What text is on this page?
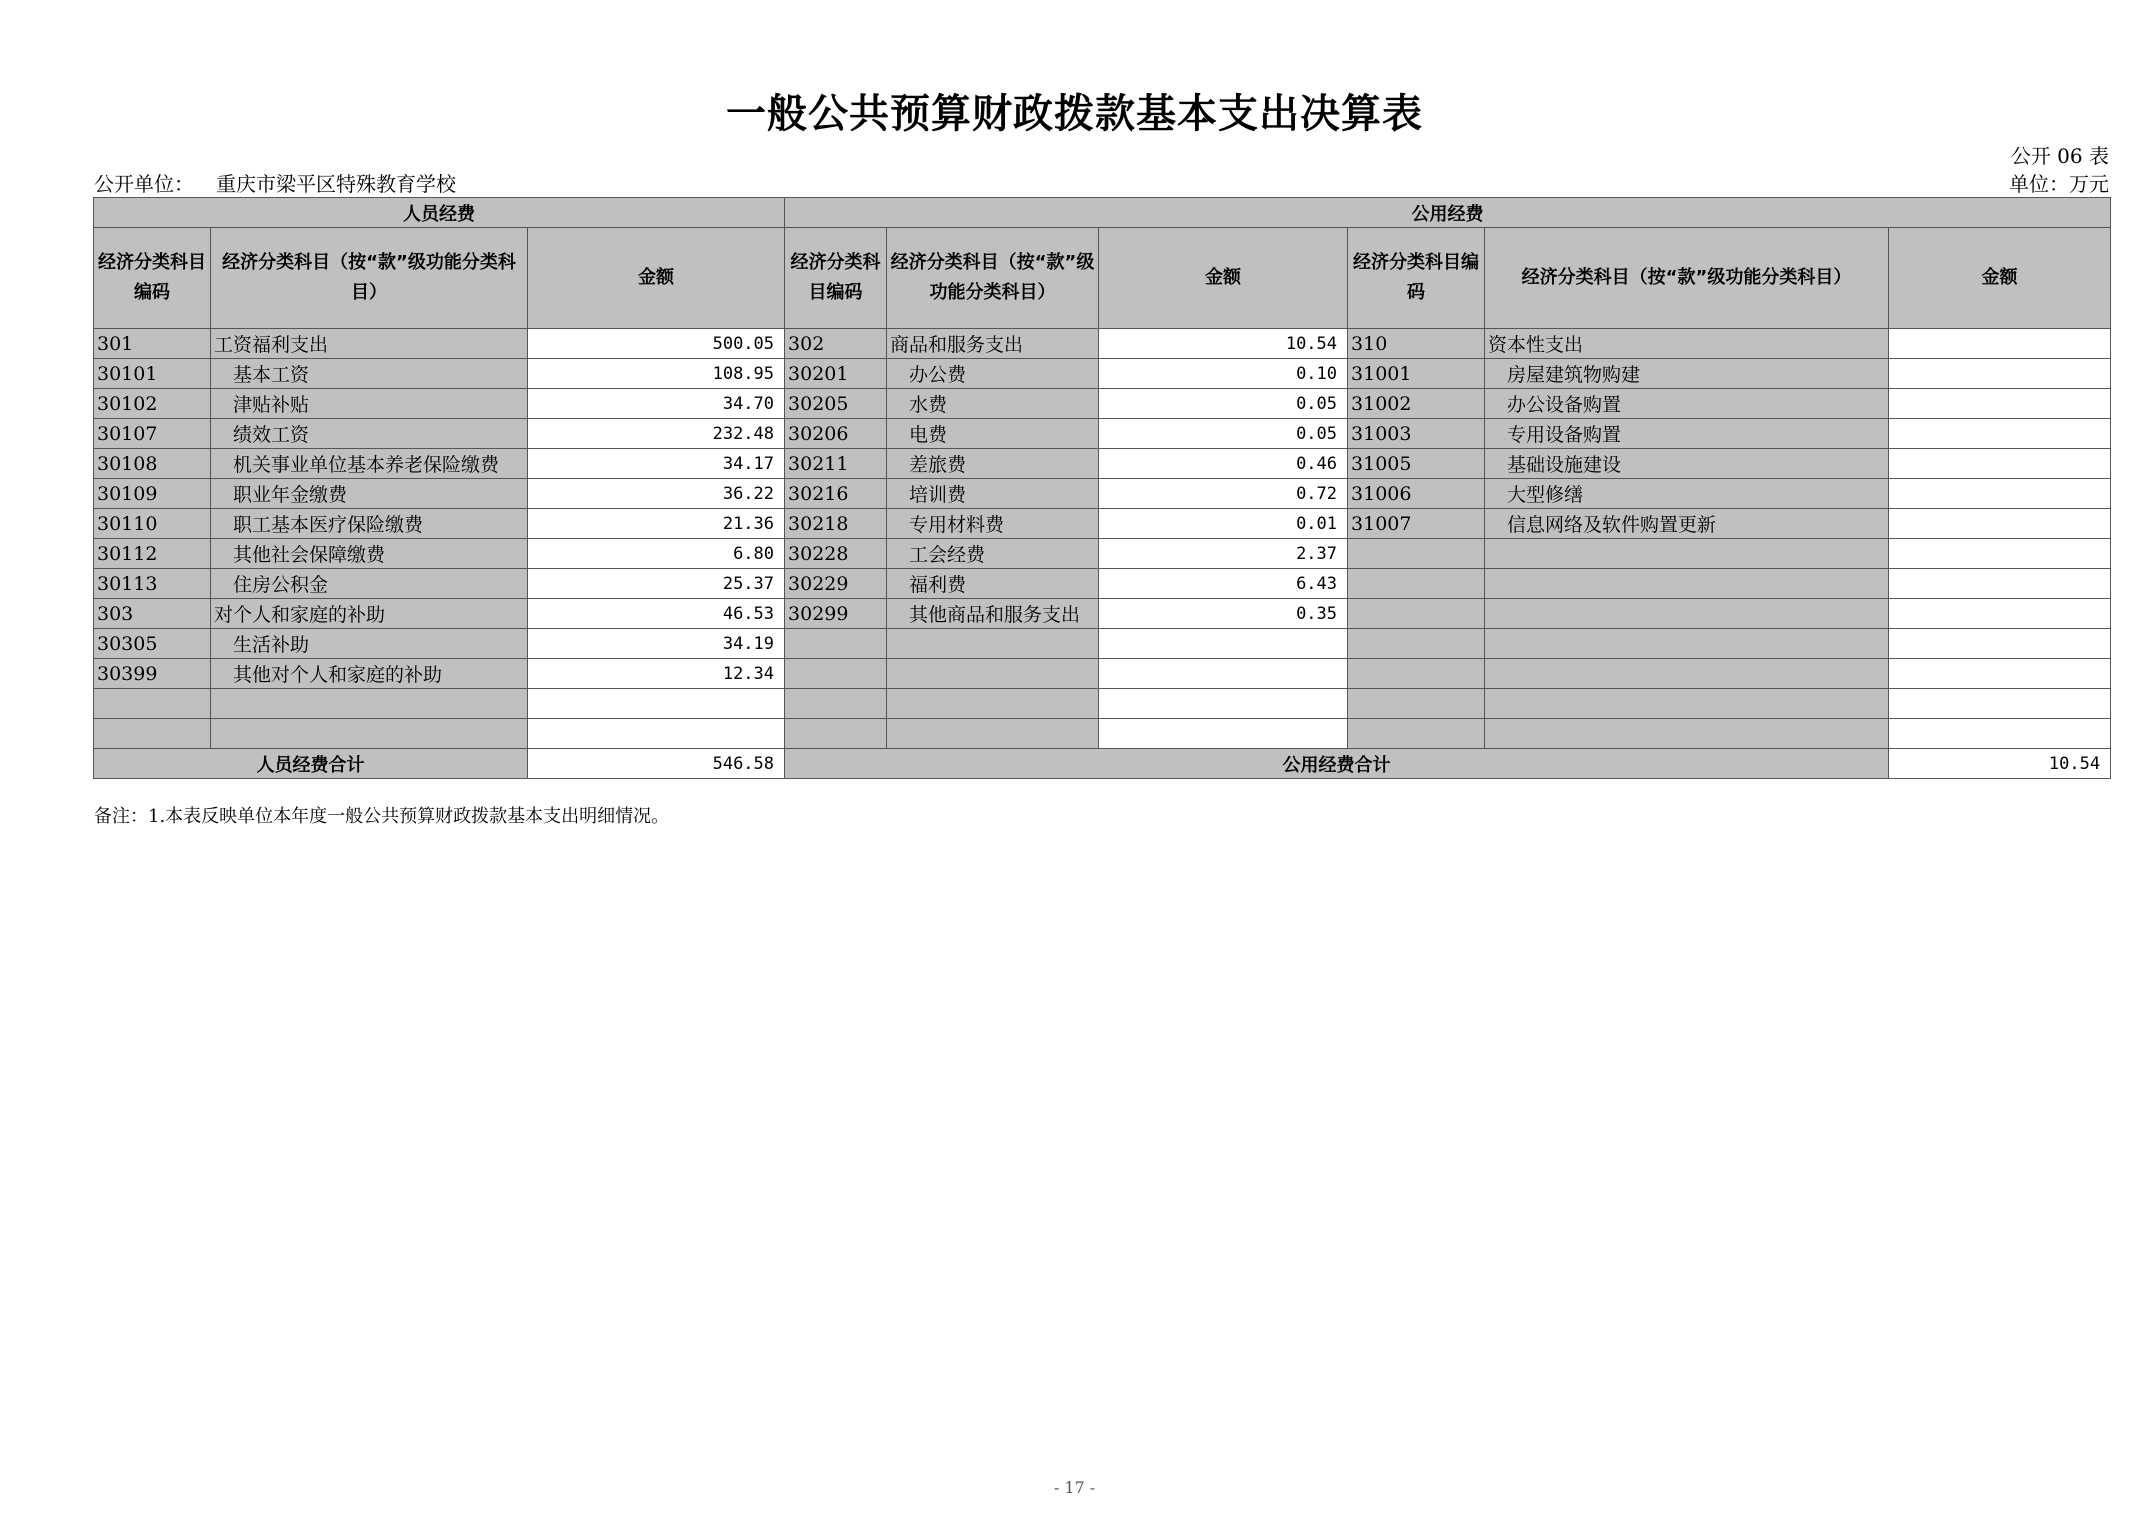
一般公共预算财政拨款基本支出决算表
公开 06 表
公开单位： 重庆市梁平区特殊教育学校	单位：万元
人员经费			公用经费					
经济分类科目编码	经济分类科目（按“款”级功能分类科目）	金额	经济分类科目编码	经济分类科目（按“款”级功能分类科目）	金额	经济分类科目编码	经济分类科目（按“款”级功能分类科目）	金额
301	工资福利支出	500.05	302	商品和服务支出	10.54	310	资本性支出	
30101	基本工资	108.95	30201	办公费	0.10	31001	房屋建筑物购建	
30102	津贴补贴	34.70	30205	水费	0.05	31002	办公设备购置	
30107	绩效工资	232.48	30206	电费	0.05	31003	专用设备购置	
30108	机关事业单位基本养老保险缴费	34.17	30211	差旅费	0.46	31005	基础设施建设	
30109	职业年金缴费	36.22	30216	培训费	0.72	31006	大型修缮	
30110	职工基本医疗保险缴费	21.36	30218	专用材料费	0.01	31007	信息网络及软件购置更新	
30112	其他社会保障缴费	6.80	30228	工会经费	2.37			
30113	住房公积金	25.37	30229	福利费	6.43			
303	对个人和家庭的补助	46.53	30299	其他商品和服务支出	0.35			
30305	生活补助	34.19						
30399	其他对个人和家庭的补助	12.34						

人员经费合计		546.58	公用经费合计					10.54
备注：1.本表反映单位本年度一般公共预算财政拨款基本支出明细情况。
- 17 -
